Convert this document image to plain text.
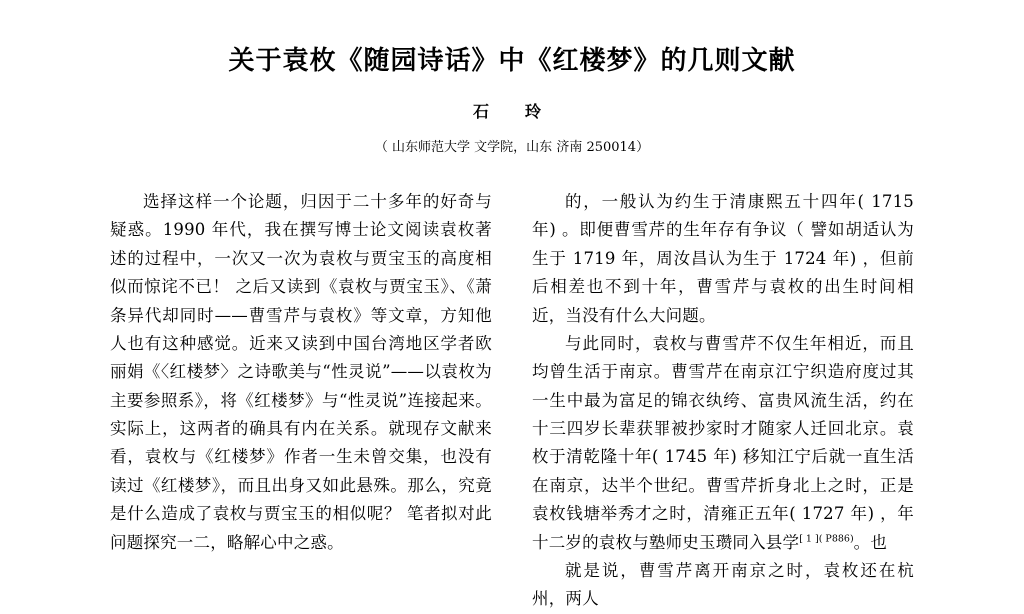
关于袁枚《随园诗话》中《红楼梦》的几则文献
石　玲
（ 山东师范大学 文学院，山东 济南 250014）

选择这样一个论题，归因于二十多年的好奇与疑惑。1990 年代，我在撰写博士论文阅读袁枚著述的过程中，一次又一次为袁枚与贾宝玉的高度相似而惊诧不已！ 之后又读到《袁枚与贾宝玉》、《萧条异代却同时——曹雪芹与袁枚》等文章，方知他人也有这种感觉。近来又读到中国台湾地区学者欧丽娟《〈红楼梦〉之诗歌美与“性灵说”——以袁枚为主要参照系》，将《红楼梦》与“性灵说”连接起来。实际上，这两者的确具有内在关系。就现存文献来看，袁枚与《红楼梦》作者一生未曾交集，也没有读过《红楼梦》，而且出身又如此悬殊。那么，究竟是什么造成了袁枚与贾宝玉的相似呢？ 笔者拟对此问题探究一二，略解心中之惑。

的，一般认为约生于清康熙五十四年( 1715 年) 。即便曹雪芹的生年存有争议（ 譬如胡适认为生于 1719 年，周汝昌认为生于 1724 年) ，但前后相差也不到十年，曹雪芹与袁枚的出生时间相近，当没有什么大问题。

与此同时，袁枚与曹雪芹不仅生年相近，而且均曾生活于南京。曹雪芹在南京江宁织造府度过其一生中最为富足的锦衣纨绔、富贵风流生活，约在十三四岁长辈获罪被抄家时才随家人迁回北京。袁枚于清乾隆十年( 1745 年) 移知江宁后就一直生活在南京，达半个世纪。曹雪芹折身北上之时，正是袁枚钱塘举秀才之时，清雍正五年( 1727 年) ，年十二岁的袁枚与塾师史玉瓒同入县学$^{[ 1 ]( P886)}$。也

就是说，曹雪芹离开南京之时，袁枚还在杭州，两人
